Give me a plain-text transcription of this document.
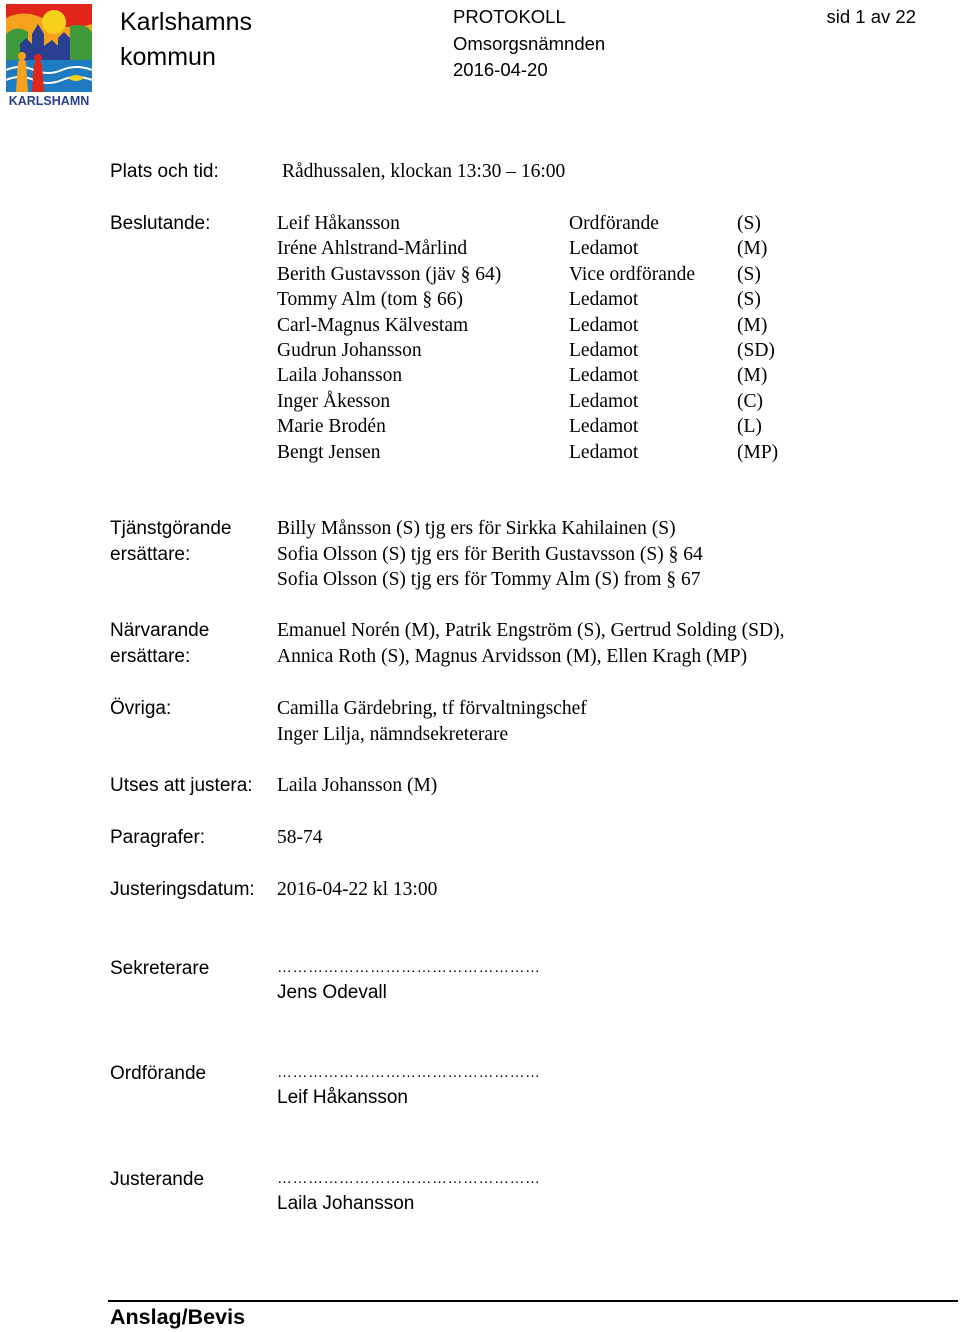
KARLSHAMN
Karlshamns
kommun
PROTOKOLL
Omsorgsnämnden
2016-04-20
sid 1 av 22
Plats och tid:	Rådhussalen, klockan 13:30 – 16:00
Beslutande:	Leif Håkansson	Ordförande	(S)
Iréne Ahlstrand-Mårlind	Ledamot	(M)
Berith Gustavsson (jäv § 64)	Vice ordförande (S)
Tommy Alm (tom § 66)	Ledamot	(S)
Carl-Magnus Kälvestam	Ledamot	(M)
Gudrun Johansson	Ledamot	(SD)
Laila Johansson	Ledamot	(M)
Inger Åkesson	Ledamot	(C)
Marie Brodén	Ledamot	(L)
Bengt Jensen	Ledamot	(MP)
Tjänstgörande
ersättare:
Billy Månsson (S) tjg ers för Sirkka Kahilainen (S)
Sofia Olsson (S) tjg ers för Berith Gustavsson (S) § 64
Sofia Olsson (S) tjg ers för Tommy Alm (S) from § 67
Närvarande
ersättare:
Emanuel Norén (M), Patrik Engström (S), Gertrud Solding (SD),
Annica Roth (S), Magnus Arvidsson (M), Ellen Kragh (MP)
Övriga:	Camilla Gärdebring, tf förvaltningschef
Inger Lilja, nämndsekreterare
Utses att justera: Laila Johansson (M)
Paragrafer:	58-74
Justeringsdatum: 2016-04-22 kl 13:00
Sekreterare	……………………………………………
Jens Odevall
Ordförande	……………………………………………
Leif Håkansson
Justerande	……………………………………………
Laila Johansson
Anslag/Bevis
